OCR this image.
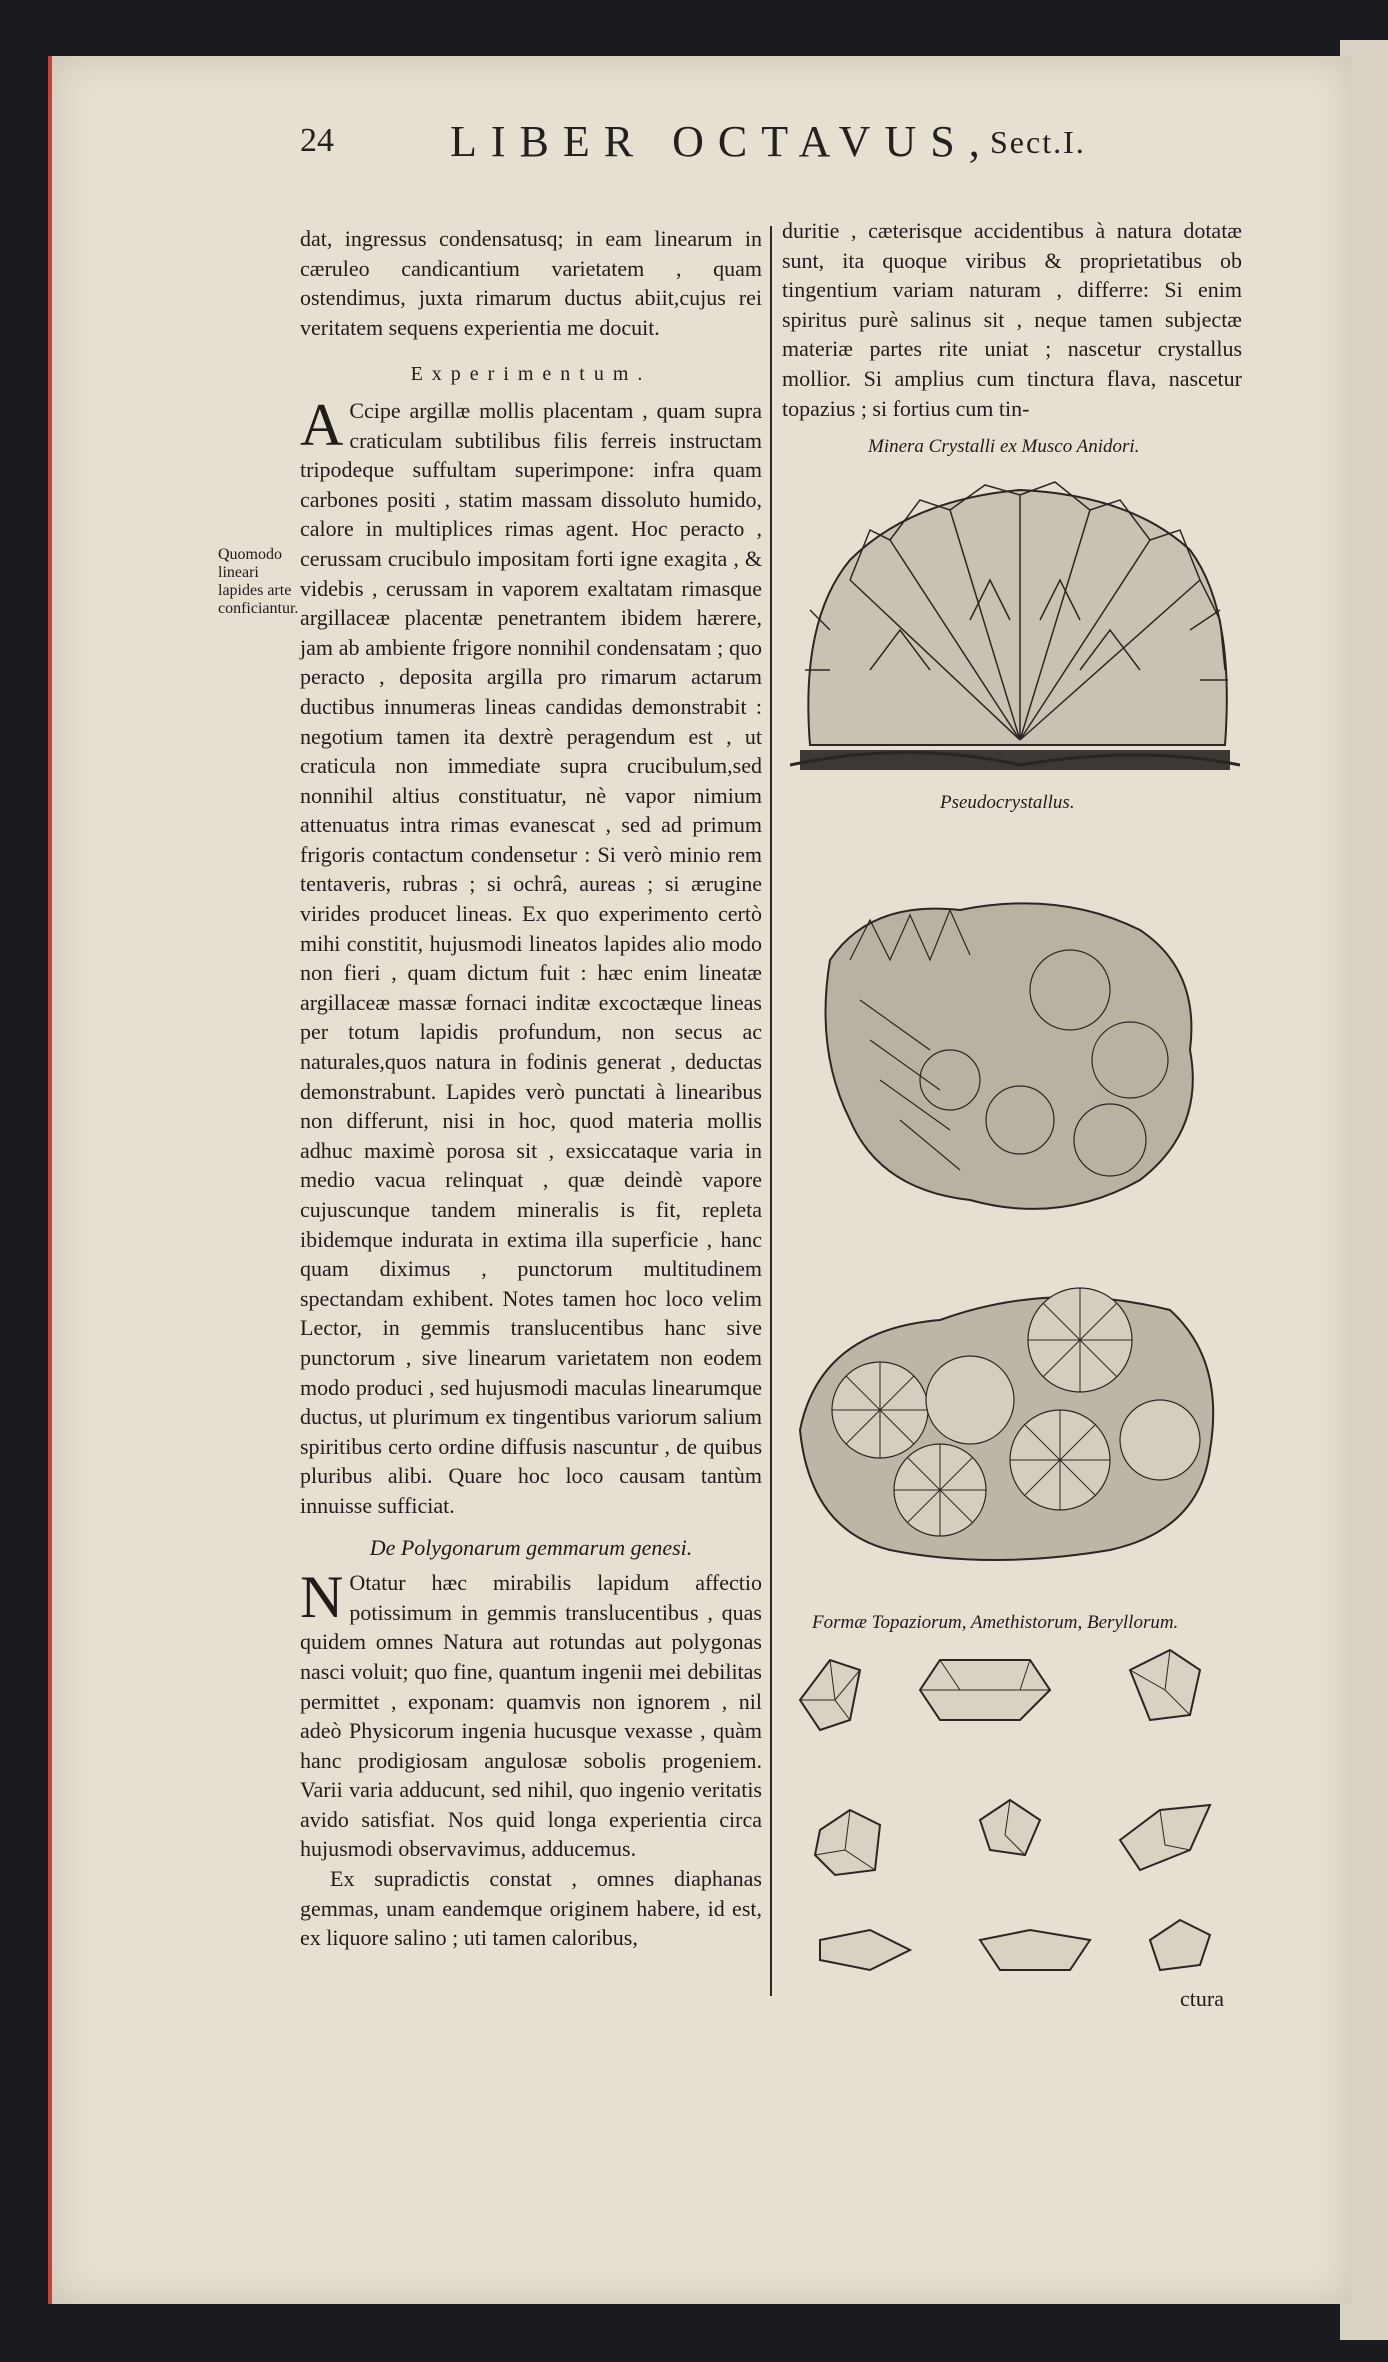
24	LIBER OCTAVUS,
Sect.I.
Quomodo lineari lapides arte conficiantur.

dat, ingressus condensatusq; in eam linearum in cæruleo candicantium varietatem , quam ostendimus, juxta rimarum ductus abiit,cujus rei veritatem sequens experientia me docuit.

Experimentum.

A Ccipe argillæ mollis placentam , quam supra craticulam subtilibus filis ferreis instructam tripodeque suffultam superimpone: infra quam carbones positi , statim massam dissoluto humido, calore in multiplices rimas agent. Hoc peracto , cerussam crucibulo impositam forti igne exagita , & videbis , cerussam in vaporem exaltatam rimasque argillaceæ placentæ penetrantem ibidem hærere, jam ab ambiente frigore nonnihil condensatam ; quo peracto , deposita argilla pro rimarum actarum ductibus innumeras lineas candidas demonstrabit : negotium tamen ita dextrè peragendum est , ut craticula non immediate supra crucibulum,sed nonnihil altius constituatur, nè vapor nimium attenuatus intra rimas evanescat , sed ad primum frigoris contactum condensetur : Si verò minio rem tentaveris, rubras ; si ochrâ, aureas ; si ærugine virides producet lineas. Ex quo experimento certò mihi constitit, hujusmodi lineatos lapides alio modo non fieri , quam dictum fuit : hæc enim lineatæ argillaceæ massæ fornaci inditæ excoctæque lineas per totum lapidis profundum, non secus ac naturales,quos natura in fodinis generat , deductas demonstrabunt. Lapides verò punctati à linearibus non differunt, nisi in hoc, quod materia mollis adhuc maximè porosa sit , exsiccataque varia in medio vacua relinquat , quæ deindè vapore cujuscunque tandem mineralis is fit, repleta ibidemque indurata in extima illa superficie , hanc quam diximus , punctorum multitudinem spectandam exhibent. Notes tamen hoc loco velim Lector, in gemmis translucentibus hanc sive punctorum , sive linearum varietatem non eodem modo produci , sed hujusmodi maculas linearumque ductus, ut plurimum ex tingentibus variorum salium spiritibus certo ordine diffusis nascuntur , de quibus pluribus alibi. Quare hoc loco causam tantùm innuisse sufficiat.

De Polygonarum gemmarum genesi.

N Otatur hæc mirabilis lapidum affectio potissimum in gemmis translucentibus , quas quidem omnes Natura aut rotundas aut polygonas nasci voluit; quo fine, quantum ingenii mei debilitas permittet , exponam: quamvis non ignorem , nil adeò Physicorum ingenia hucusque vexasse , quàm hanc prodigiosam angulosæ sobolis progeniem. Varii varia adducunt, sed nihil, quo ingenio veritatis avido satisfiat. Nos quid longa experientia circa hujusmodi observavimus, adducemus.

Ex supradictis constat , omnes diaphanas gemmas, unam eandemque originem habere, id est, ex liquore salino ; uti tamen caloribus,

duritie , cæterisque accidentibus à natura dotatæ sunt, ita quoque viribus & proprietatibus ob tingentium variam naturam , differre: Si enim spiritus purè salinus sit , neque tamen subjectæ materiæ partes rite uniat ; nascetur crystallus mollior. Si amplius cum tinctura flava, nascetur topazius ; si fortius cum tin-
Minera Crystalli ex Musco Anidori.
Pseudocrystallus.
Formæ Topaziorum, Amethistorum, Beryllorum.
ctura
